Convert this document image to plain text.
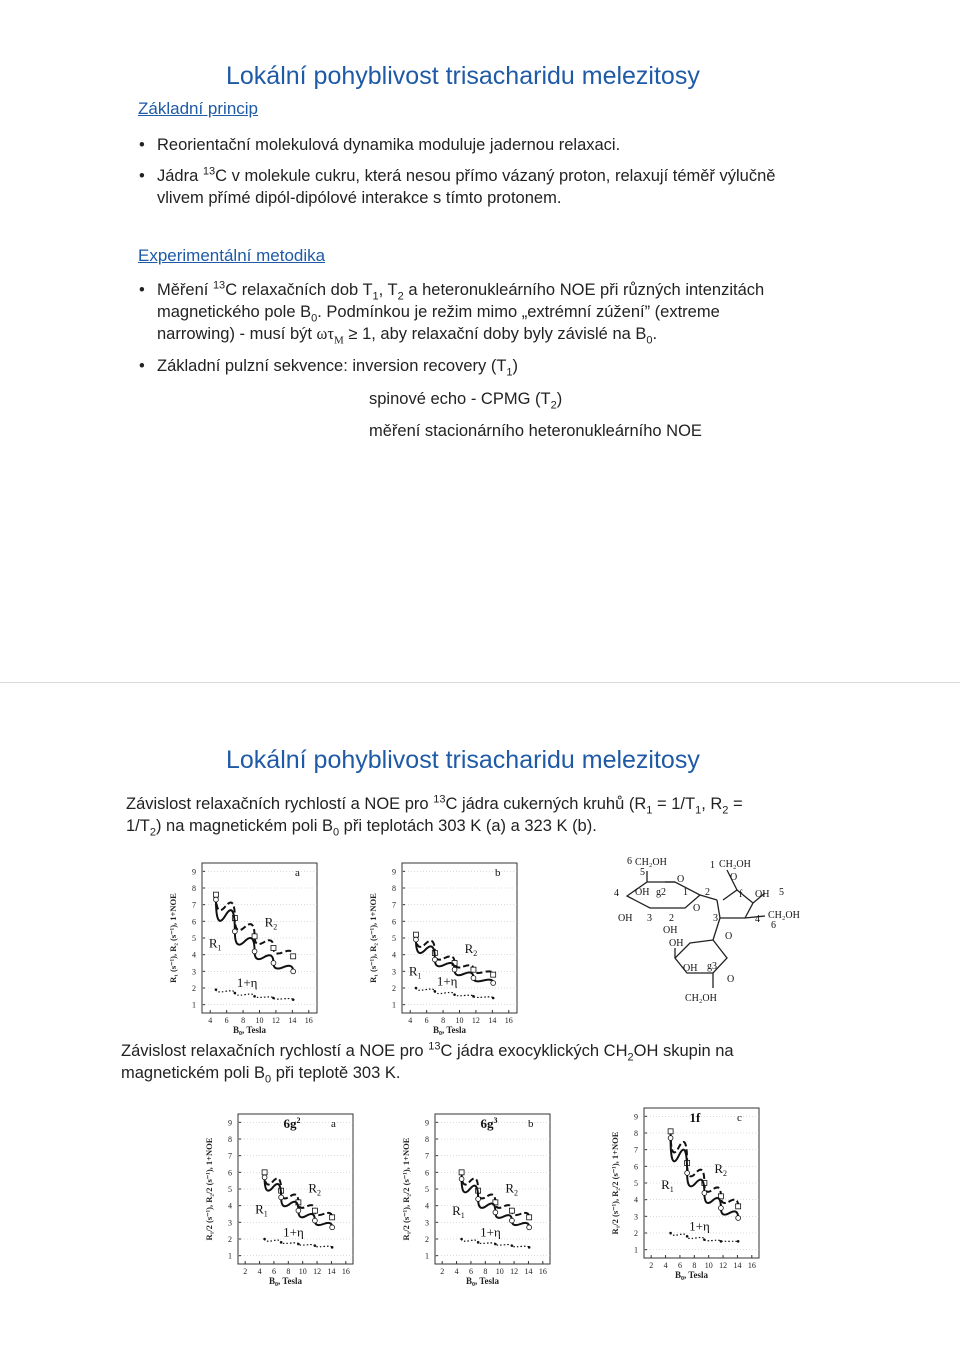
Lokální pohyblivost trisacharidu melezitosy
Základní princip
• Reorientační molekulová dynamika moduluje jadernou relaxaci.
• Jádra $^{13}$C v molekule cukru, která nesou přímo vázaný proton, relaxují téměř výlučně
vlivem přímé dipól-dipólové interakce s tímto protonem.
Experimentální metodika
• Měření $^{13}$C relaxačních dob $T_1$, $T_2$ a heteronukleárního NOE při různých intenzitách
magnetického pole $B_0$. Podmínkou je režim mimo „extrémní zúžení” (extreme
narrowing) - musí být $\omega\tau_M \ge 1$, aby relaxační doby byly závislé na $B_0$.
• Základní pulzní sekvence: inversion recovery $(T_1)$
spinové echo - CPMG $(T_2)$
měření stacionárního heteronukleárního NOE
Lokální pohyblivost trisacharidu melezitosy
Závislost relaxačních rychlostí a NOE pro $^{13}$C jádra cukerných kruhů ($R_1 = 1/T_1$, $R_2$ =
$1/T_2$) na magnetickém poli $B_0$ při teplotách 303 K (a) a 323 K (b).
Závislost relaxačních rychlostí a NOE pro $^{13}$C jádra exocyklických $CH_2OH$ skupin na
magnetickém poli $B_0$ při teplotě 303 K.
1
2
3
4
5
6
7
8
9
4 6 8 10 12 14 16
$B_0$, Tesla
R₁ (s⁻¹), R₂ (s⁻¹), 1+NOE $R_1$
$R_2$
1+η
a
1
2
3
4
5
6
7
8
9
4 6 8 10 12 14 16
$B_0$, Tesla
R₁ (s⁻¹), R₂ (s⁻¹), 1+NOE $R_1$
$R_2$
1+η
b
1
2
3
4
5
6
7
8
9
2 4 6 8 10 12 14 16
$B_0$, Tesla
R₁/2 (s⁻¹), R₂/2 (s⁻¹), 1+NOE	$R_1$
$R_2$
1+η
a
$6g^2$
1
2
3
4
5
6
7
8
9
2 4 6 8 10 12 14 16
$B_0$, Tesla
R₁/2 (s⁻¹), R₂/2 (s⁻¹), 1+NOE	$R_1$
$R_2$
1+η
b
$6g^3$
1
2
3
4
5
6
7
8
9
2 4 6 8 10 12 14 16
$B_0$, Tesla
R₁/2 (s⁻¹), R₂/2 (s⁻¹), 1+NOE	$R_1$
$R_2$
1+η
c
1f
6 CH₂OH
5
O
4 OH g2 1
OH 3 2
OH
O
1 CH₂OH
O
2	f OH 5
3	4 CH₂OH
6
OH
O
OH g3
O
CH₂OH
